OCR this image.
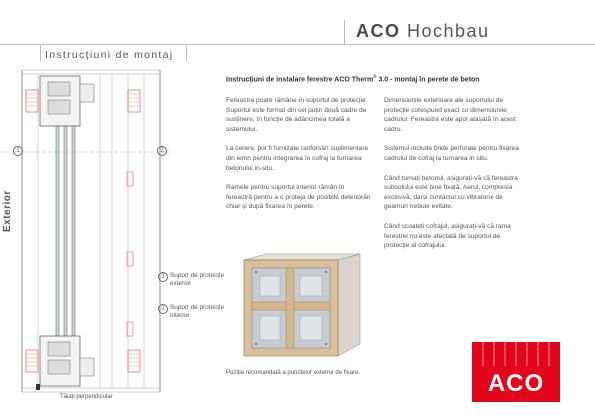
ACO Hochbau
Instrucțiuni de montaj
1	2
Exterior
Tăiați perpendicular
1 Suport de protecție exterior
2 Suport de protecție interior
Instrucțiuni de instalare ferestre ACO Therm® 3.0 - montaj în perete de beton

Fereastra poate rămâne în suportul de protecție. Suportul este format din cel puțin două cadre de susținere, în funcție de adâncimea totală a sistemului.

La cerere, pot fi furnizate ranforsări suplimentare din lemn pentru integrarea în cofraj la turnarea betonului in-situ.

Ramele pentru suportul interior rămân în fereastră pentru a o proteja de posibile deteriorări chiar și după fixarea în perete.

Dimensiunile exterioare ale suportului de protecție corespund exact cu dimensiunile cadrului. Fereastra este apoi atașată în acest cadru.

Sistemul include bride perforate pentru fixarea cadrului de cofraj la turnarea in situ.

Când turnați betonul, asigurați-vă că fereastra subsolului este bine fixată. Aerul, compresia excesivă, darși contactul cu vibratorul de geamuri trebuie evitate.

Când scoateți cofrajul, asigurați-vă că rama ferestrei nu este afectată de suportul de protecție al cofrajului.

Poziția recomandată a punctelor externe de fixare.	ACO
